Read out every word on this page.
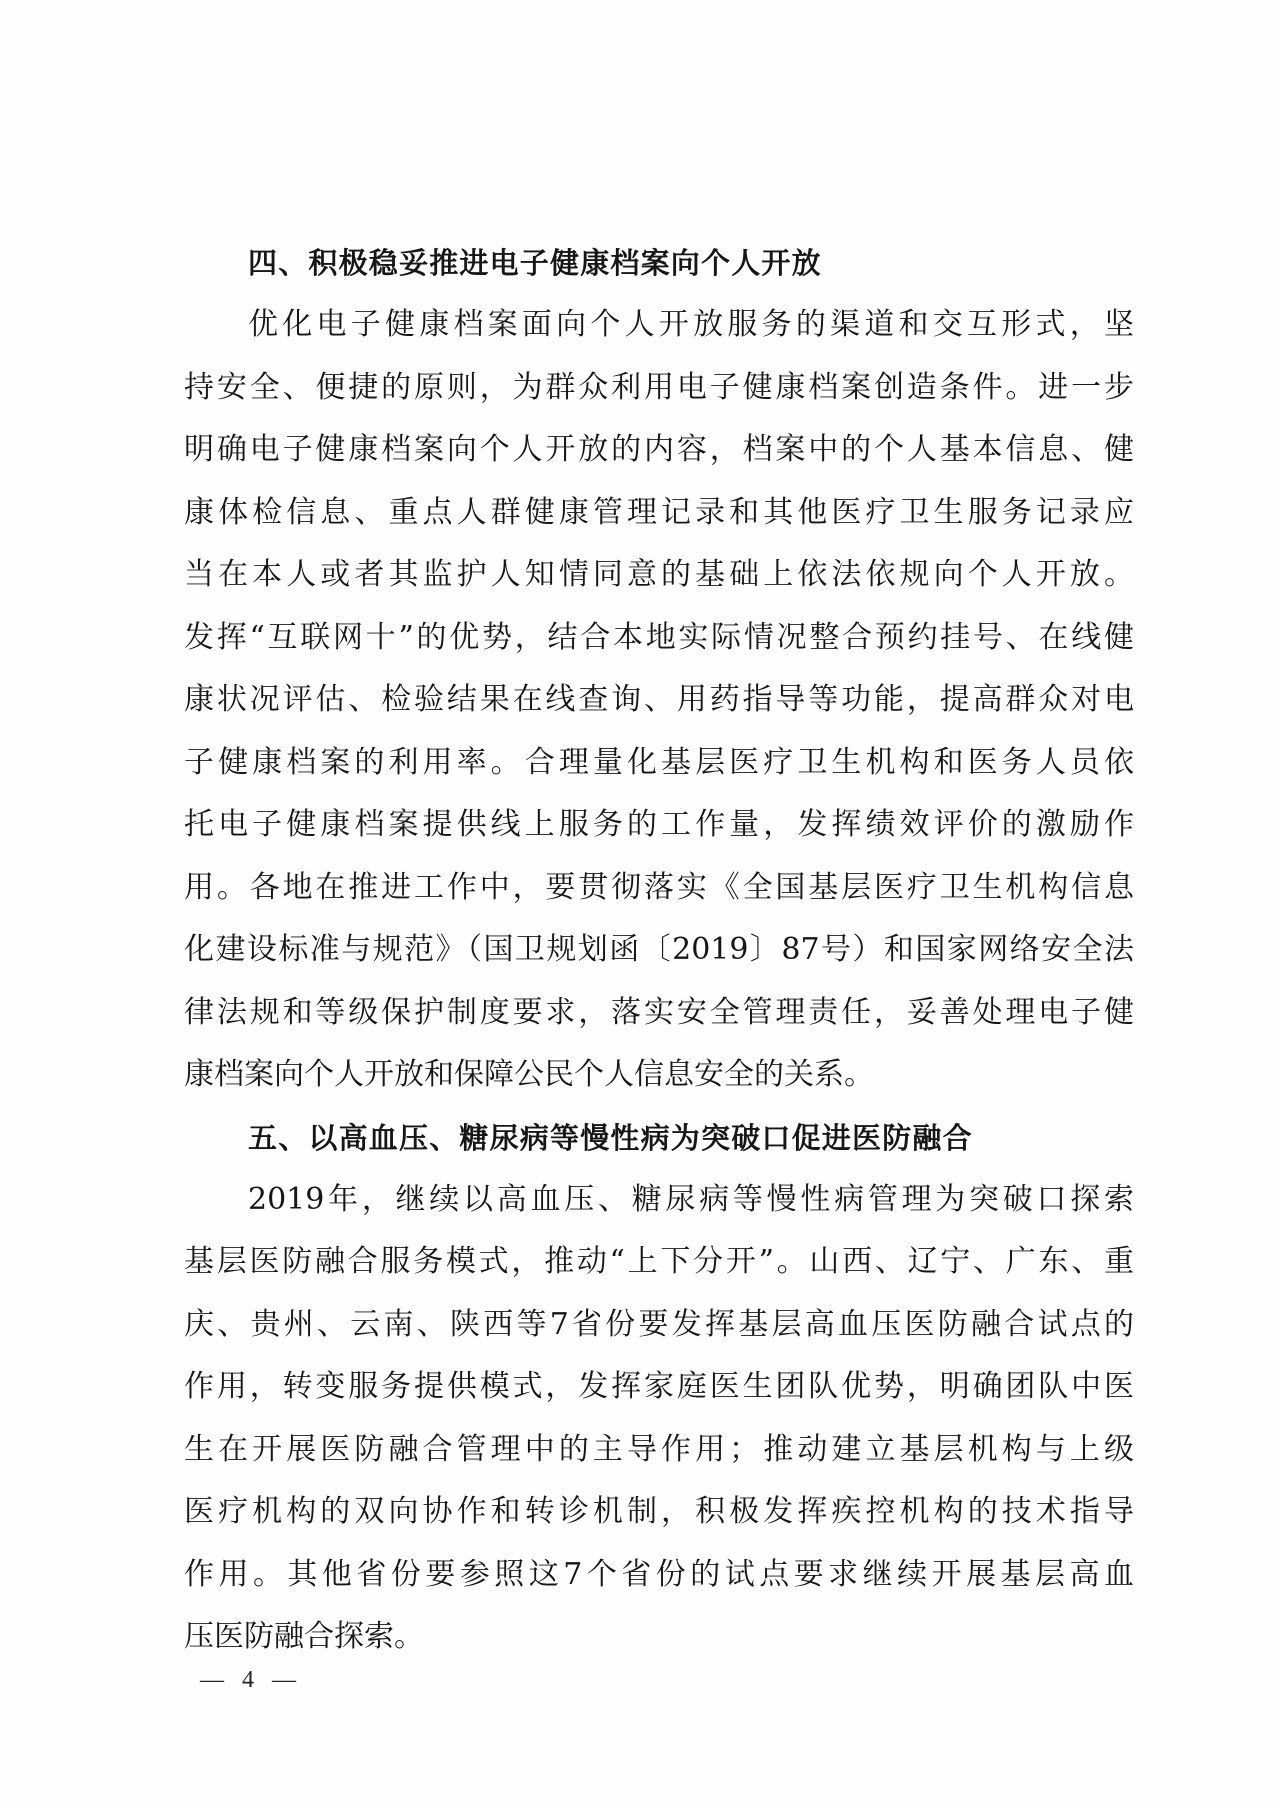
四、积极稳妥推进电子健康档案向个人开放

优化电子健康档案面向个人开放服务的渠道和交互形式，坚

持安全、便捷的原则，为群众利用电子健康档案创造条件。进一步

明确电子健康档案向个人开放的内容，档案中的个人基本信息、健

康体检信息、重点人群健康管理记录和其他医疗卫生服务记录应

当在本人或者其监护人知情同意的基础上依法依规向个人开放。

发挥“互联网十”的优势，结合本地实际情况整合预约挂号、在线健

康状况评估、检验结果在线查询、用药指导等功能，提高群众对电

子健康档案的利用率。合理量化基层医疗卫生机构和医务人员依

托电子健康档案提供线上服务的工作量，发挥绩效评价的激励作

用。各地在推进工作中，要贯彻落实《全国基层医疗卫生机构信息

化建设标准与规范》（国卫规划函〔2019〕87号）和国家网络安全法

律法规和等级保护制度要求，落实安全管理责任，妥善处理电子健

康档案向个人开放和保障公民个人信息安全的关系。

五、以高血压、糖尿病等慢性病为突破口促进医防融合

2019年，继续以高血压、糖尿病等慢性病管理为突破口探索

基层医防融合服务模式，推动“上下分开”。山西、辽宁、广东、重

庆、贵州、云南、陕西等7省份要发挥基层高血压医防融合试点的

作用，转变服务提供模式，发挥家庭医生团队优势，明确团队中医

生在开展医防融合管理中的主导作用；推动建立基层机构与上级

医疗机构的双向协作和转诊机制，积极发挥疾控机构的技术指导

作用。其他省份要参照这7个省份的试点要求继续开展基层高血

压医防融合探索。

— 4 —
